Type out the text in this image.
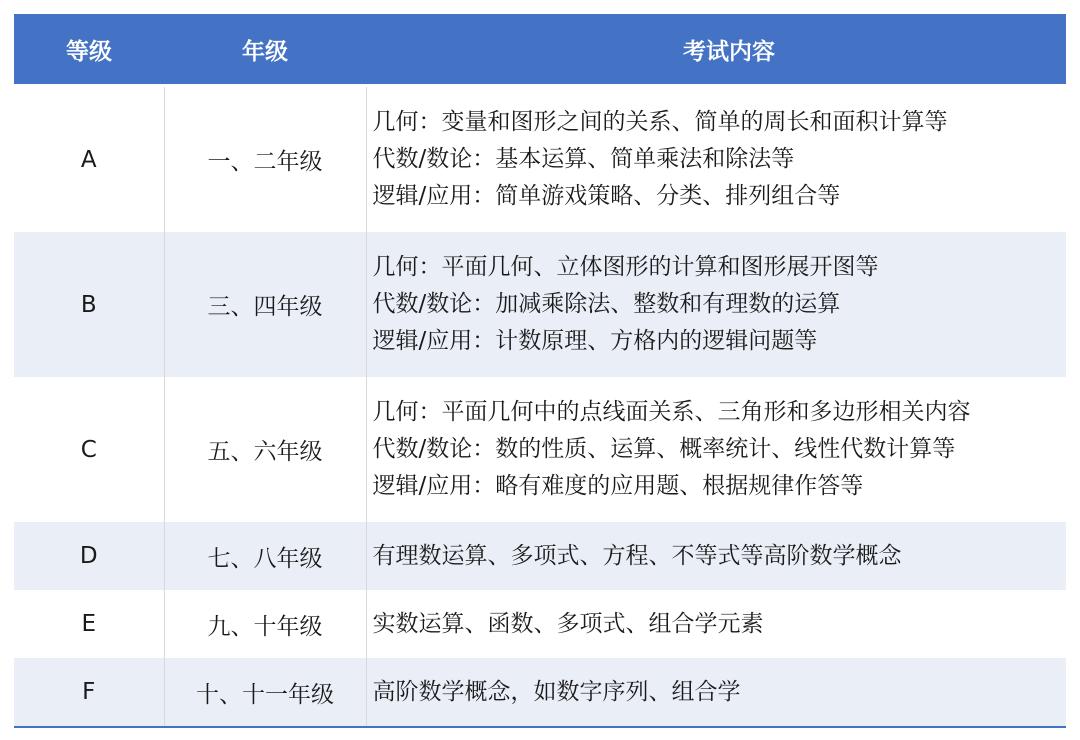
等级	年级	考试内容
A	一、二年级	几何：变量和图形之间的关系、简单的周长和面积计算等
代数/数论：基本运算、简单乘法和除法等
逻辑/应用：简单游戏策略、分类、排列组合等

B	三、四年级	几何：平面几何、立体图形的计算和图形展开图等
代数/数论：加减乘除法、整数和有理数的运算
逻辑/应用：计数原理、方格内的逻辑问题等

C	五、六年级	几何：平面几何中的点线面关系、三角形和多边形相关内容
代数/数论：数的性质、运算、概率统计、线性代数计算等
逻辑/应用：略有难度的应用题、根据规律作答等

D	七、八年级	有理数运算、多项式、方程、不等式等高阶数学概念

E	九、十年级	实数运算、函数、多项式、组合学元素

F	十、十一年级	高阶数学概念，如数字序列、组合学
